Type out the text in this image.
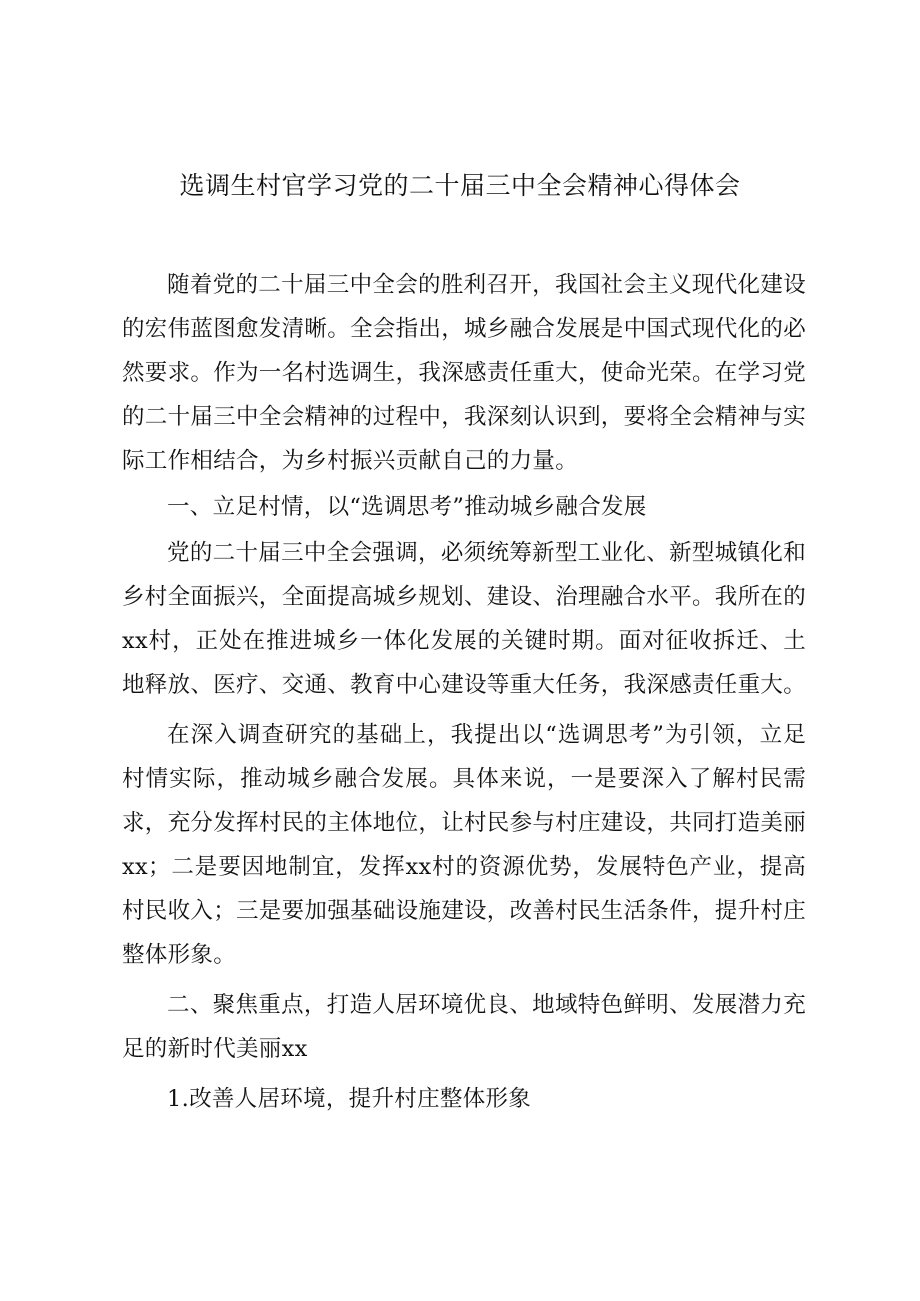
选调生村官学习党的二十届三中全会精神心得体会

随着党的二十届三中全会的胜利召开，我国社会主义现代化建设的宏伟蓝图愈发清晰。全会指出，城乡融合发展是中国式现代化的必然要求。作为一名村选调生，我深感责任重大，使命光荣。在学习党的二十届三中全会精神的过程中，我深刻认识到，要将全会精神与实际工作相结合，为乡村振兴贡献自己的力量。

一、立足村情，以“选调思考”推动城乡融合发展

党的二十届三中全会强调，必须统筹新型工业化、新型城镇化和乡村全面振兴，全面提高城乡规划、建设、治理融合水平。我所在的xx村，正处在推进城乡一体化发展的关键时期。面对征收拆迁、土地释放、医疗、交通、教育中心建设等重大任务，我深感责任重大。

在深入调查研究的基础上，我提出以“选调思考”为引领，立足村情实际，推动城乡融合发展。具体来说，一是要深入了解村民需求，充分发挥村民的主体地位，让村民参与村庄建设，共同打造美丽xx；二是要因地制宜，发挥xx村的资源优势，发展特色产业，提高村民收入；三是要加强基础设施建设，改善村民生活条件，提升村庄整体形象。

二、聚焦重点，打造人居环境优良、地域特色鲜明、发展潜力充足的新时代美丽xx

1.改善人居环境，提升村庄整体形象
